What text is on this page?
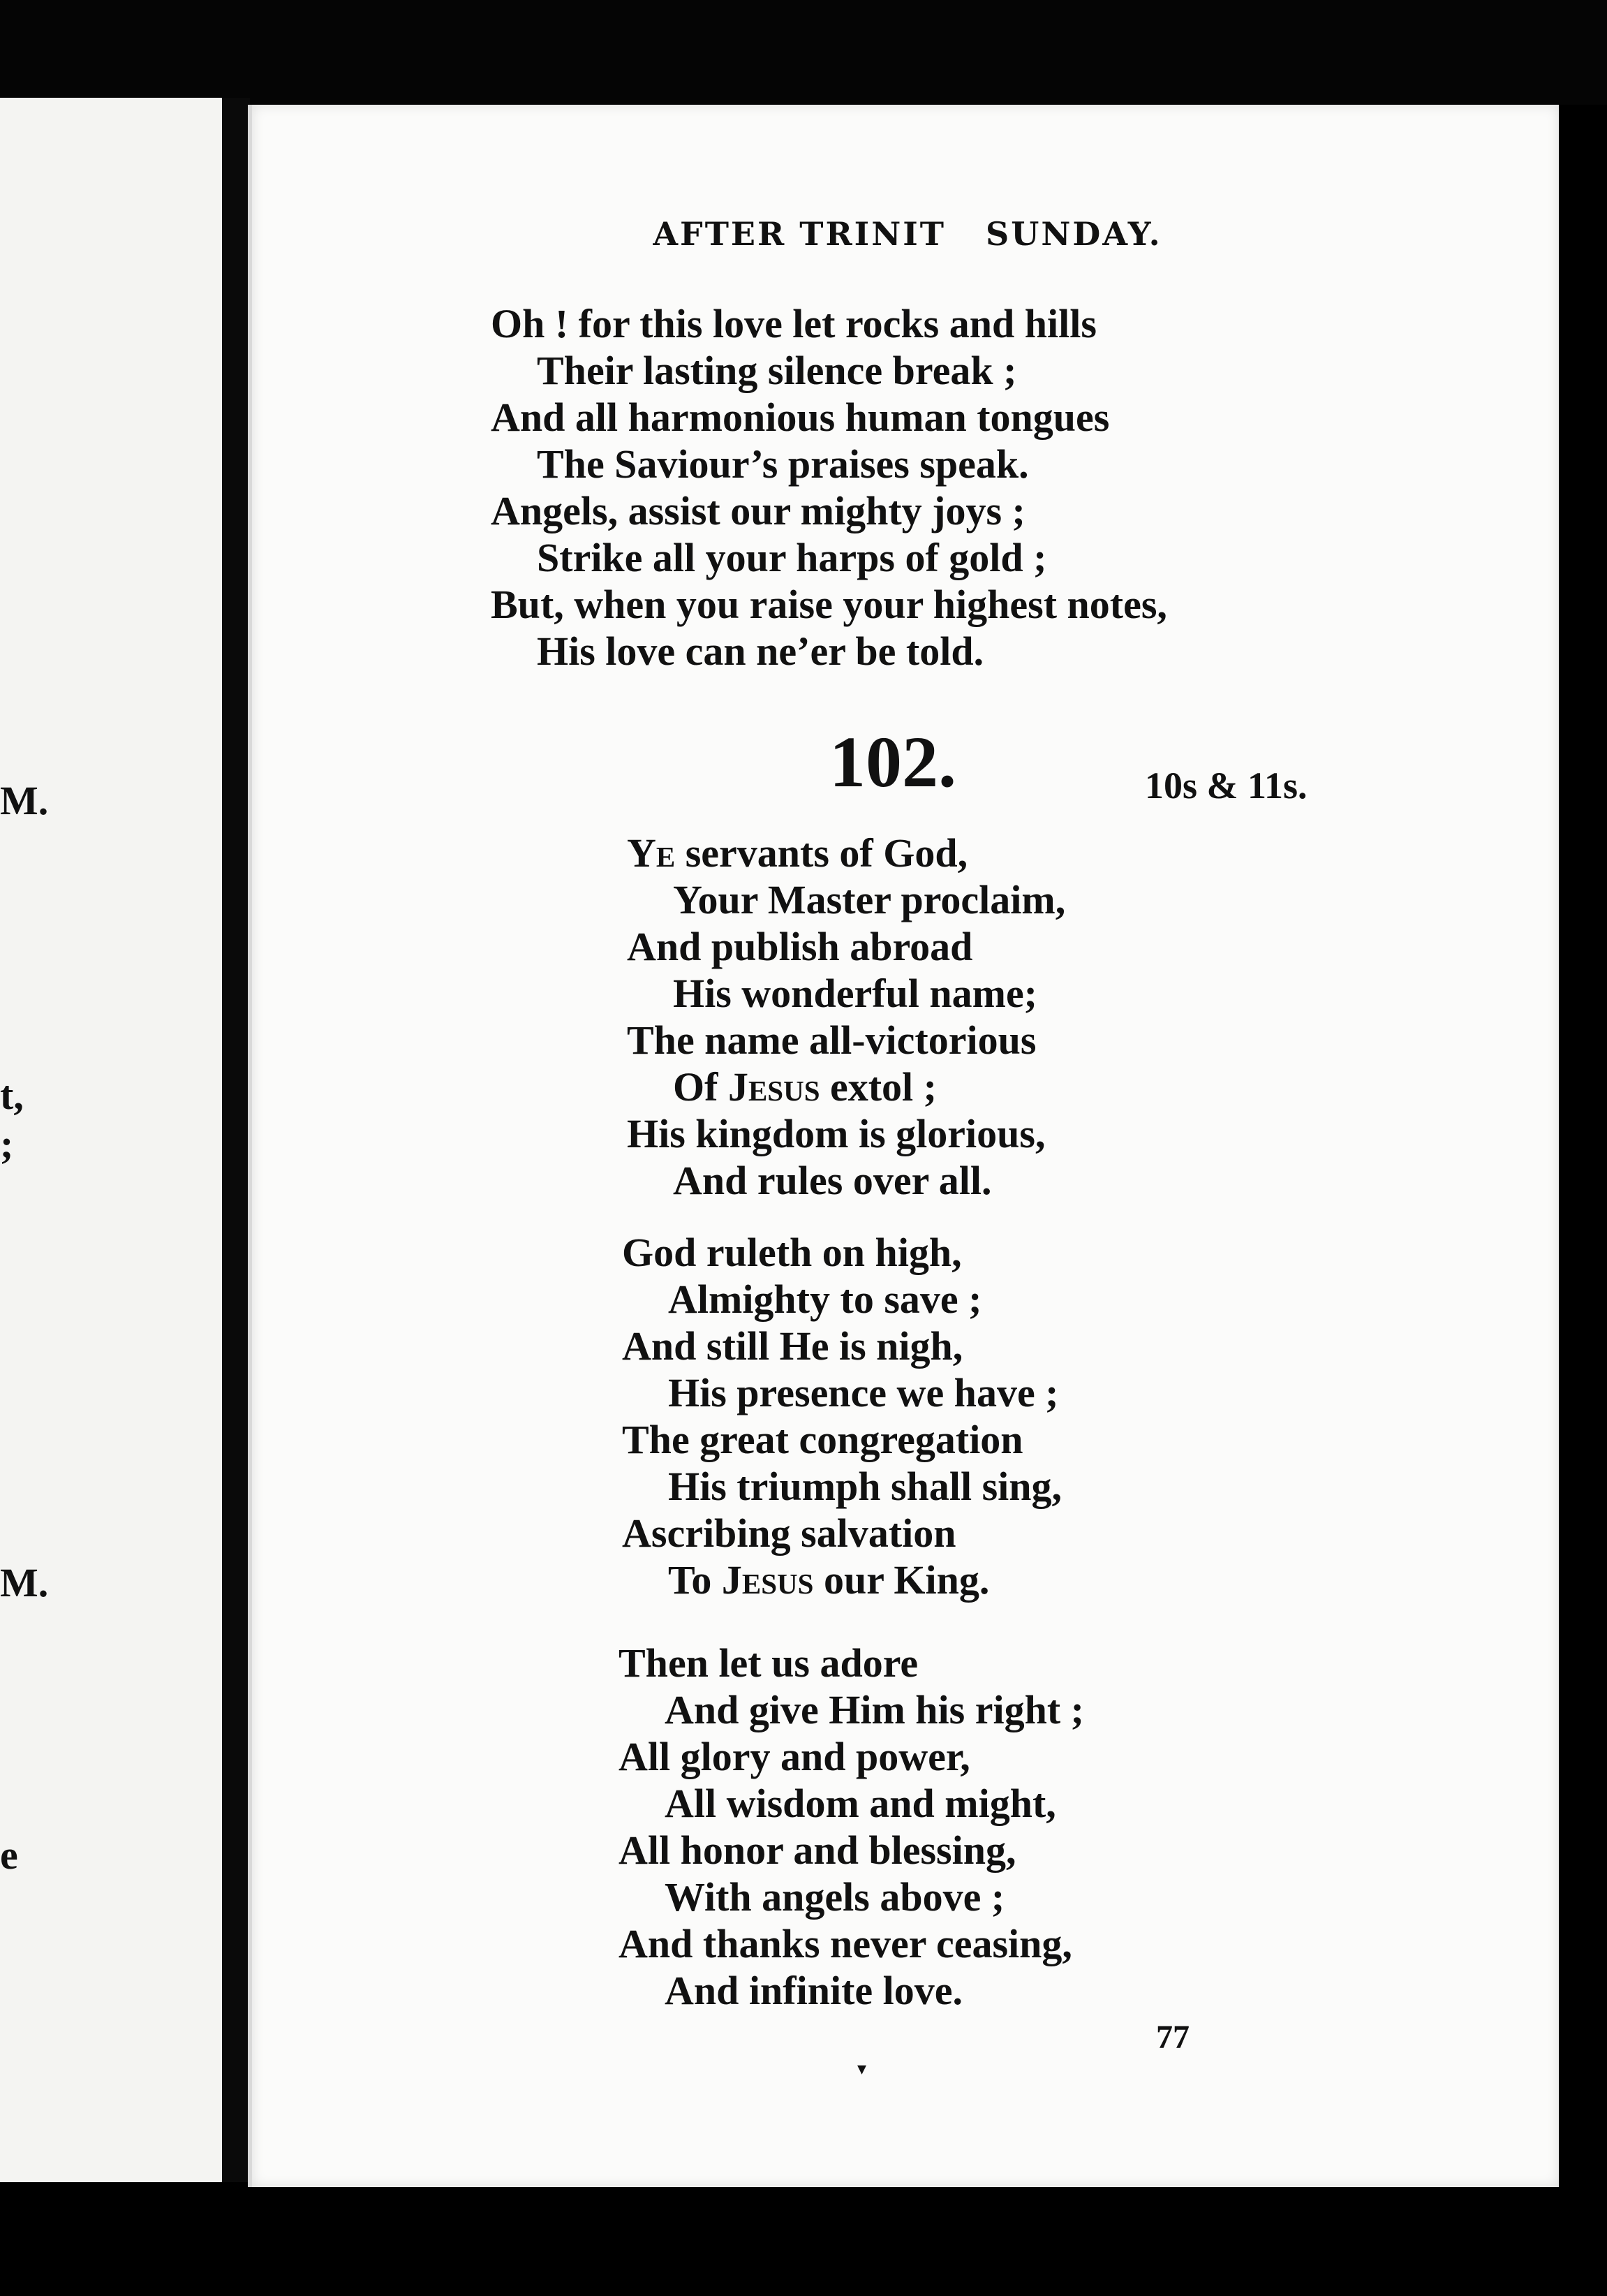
M.
t,
;
M.
e
AFTER TRINIT   SUNDAY.
Oh ! for this love let rocks and hills
Their lasting silence break ;
And all harmonious human tongues
The Saviour’s praises speak.
Angels, assist our mighty joys ;
Strike all your harps of gold ;
But, when you raise your highest notes,
His love can ne’er be told.
102.	10s & 11s.
Ye servants of God,
Your Master proclaim,
And publish abroad
His wonderful name;
The name all-victorious
Of Jesus extol ;
His kingdom is glorious,
And rules over all.
God ruleth on high,
Almighty to save ;
And still He is nigh,
His presence we have ;
The great congregation
His triumph shall sing,
Ascribing salvation
To Jesus our King.
Then let us adore
And give Him his right ;
All glory and power,
All wisdom and might,
All honor and blessing,
With angels above ;
And thanks never ceasing,
And infinite love.
77
▾
